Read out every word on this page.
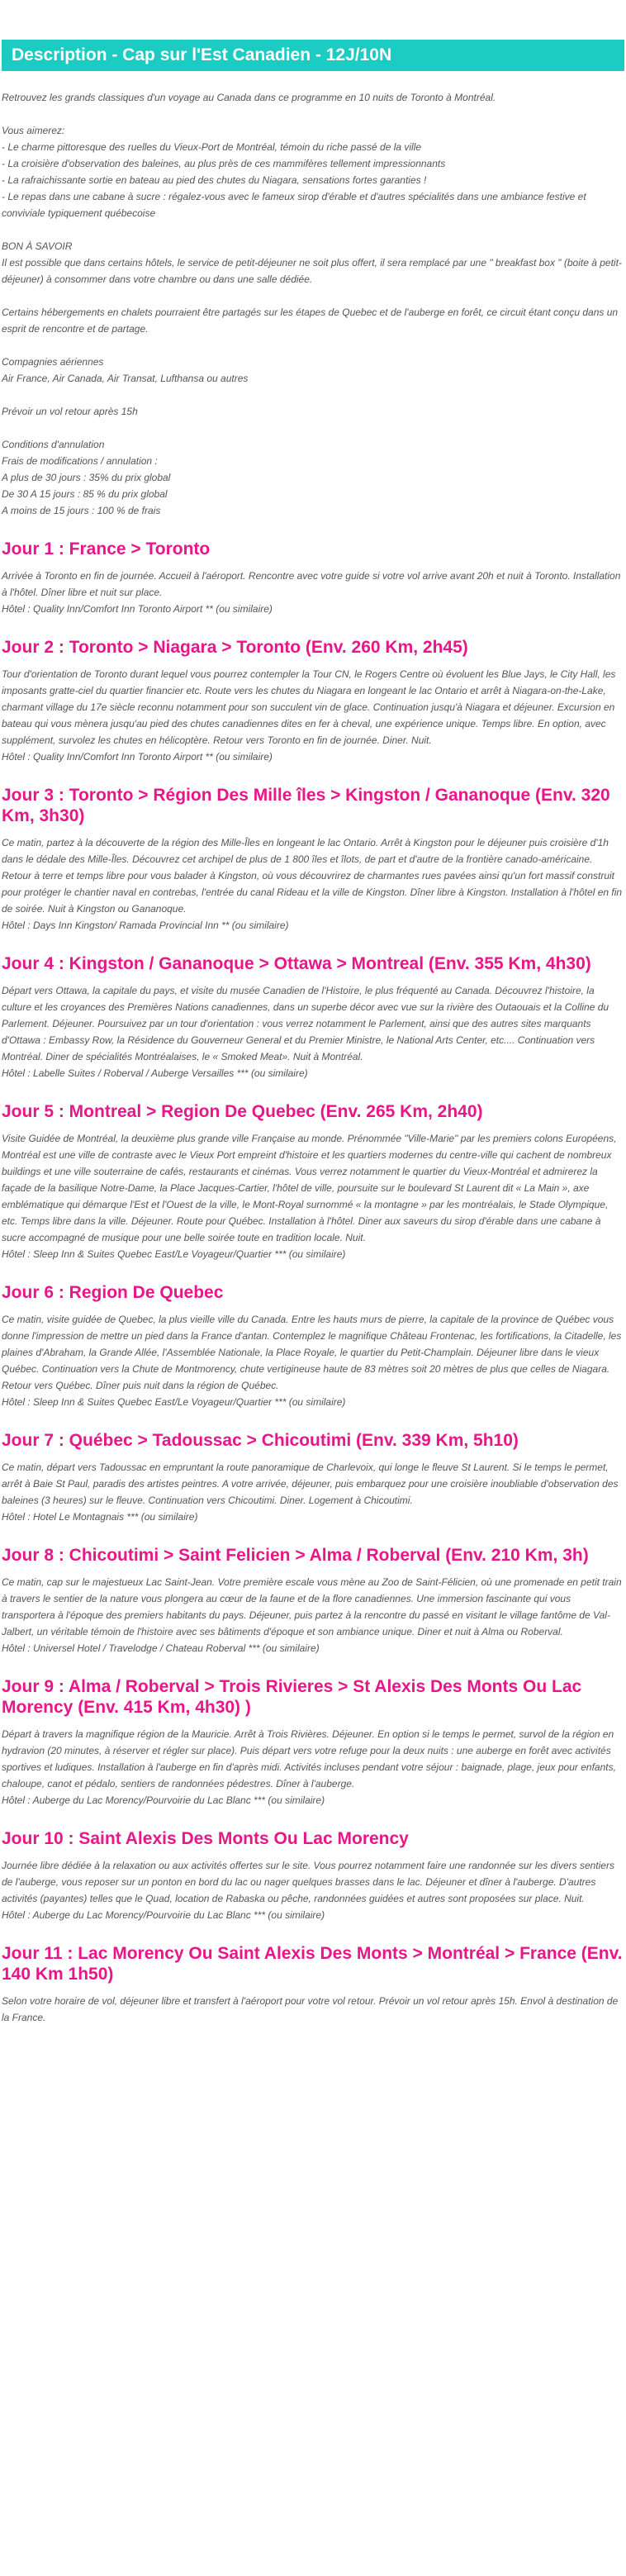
Description - Cap sur l'Est Canadien - 12J/10N

Retrouvez les grands classiques d'un voyage au Canada dans ce programme en 10 nuits de Toronto à Montréal.

Vous aimerez:
- Le charme pittoresque des ruelles du Vieux-Port de Montréal, témoin du riche passé de la ville
- La croisière d'observation des baleines, au plus près de ces mammifères tellement impressionnants
- La rafraichissante sortie en bateau au pied des chutes du Niagara, sensations fortes garanties !
- Le repas dans une cabane à sucre : régalez-vous avec le fameux sirop d'érable et d'autres spécialités dans une ambiance festive et conviviale typiquement québecoise
BON À SAVOIR
Il est possible que dans certains hôtels, le service de petit-déjeuner ne soit plus offert, il sera remplacé par une " breakfast box " (boite à petit-déjeuner) à consommer dans votre chambre ou dans une salle dédiée.

Certains hébergements en chalets pourraient être partagés sur les étapes de Quebec et de l'auberge en forêt, ce circuit étant conçu dans un esprit de rencontre et de partage.

Compagnies aériennes
Air France, Air Canada, Air Transat, Lufthansa ou autres

Prévoir un vol retour après 15h

Conditions d'annulation
Frais de modifications / annulation :
A plus de 30 jours : 35% du prix global
De 30 A 15 jours : 85 % du prix global
A moins de 15 jours : 100 % de frais
Jour 1 : France > Toronto

Arrivée à Toronto en fin de journée. Accueil à l'aéroport. Rencontre avec votre guide si votre vol arrive avant 20h et nuit à Toronto. Installation à l'hôtel. Dîner libre et nuit sur place.

Hôtel : Quality Inn/Comfort Inn Toronto Airport ** (ou similaire)

Jour 2 : Toronto > Niagara > Toronto (Env. 260 Km, 2h45)

Tour d'orientation de Toronto durant lequel vous pourrez contempler la Tour CN, le Rogers Centre où évoluent les Blue Jays, le City Hall, les imposants gratte-ciel du quartier financier etc. Route vers les chutes du Niagara en longeant le lac Ontario et arrêt à Niagara-on-the-Lake, charmant village du 17e siècle reconnu notamment pour son succulent vin de glace. Continuation jusqu'à Niagara et déjeuner. Excursion en bateau qui vous mènera jusqu'au pied des chutes canadiennes dites en fer à cheval, une expérience unique. Temps libre. En option, avec supplément, survolez les chutes en hélicoptère. Retour vers Toronto en fin de journée. Diner. Nuit.

Hôtel : Quality Inn/Comfort Inn Toronto Airport ** (ou similaire)

Jour 3 : Toronto > Région Des Mille îles > Kingston / Gananoque (Env. 320 Km, 3h30)

Ce matin, partez à la découverte de la région des Mille-Îles en longeant le lac Ontario. Arrêt à Kingston pour le déjeuner puis croisière d'1h dans le dédale des Mille-Îles. Découvrez cet archipel de plus de 1 800 îles et îlots, de part et d'autre de la frontière canado-américaine. Retour à terre et temps libre pour vous balader à Kingston, où vous découvrirez de charmantes rues pavées ainsi qu'un fort massif construit pour protéger le chantier naval en contrebas, l'entrée du canal Rideau et la ville de Kingston. Dîner libre à Kingston. Installation à l'hôtel en fin de soirée. Nuit à Kingston ou Gananoque.

Hôtel : Days Inn Kingston/ Ramada Provincial Inn ** (ou similaire)

Jour 4 : Kingston / Gananoque > Ottawa > Montreal (Env. 355 Km, 4h30)

Départ vers Ottawa, la capitale du pays, et visite du musée Canadien de l'Histoire, le plus fréquenté au Canada. Découvrez l'histoire, la culture et les croyances des Premières Nations canadiennes, dans un superbe décor avec vue sur la rivière des Outaouais et la Colline du Parlement. Déjeuner. Poursuivez par un tour d'orientation : vous verrez notamment le Parlement, ainsi que des autres sites marquants d'Ottawa : Embassy Row, la Résidence du Gouverneur General et du Premier Ministre, le National Arts Center, etc.... Continuation vers Montréal. Diner de spécialités Montréalaises, le « Smoked Meat». Nuit à Montréal.

Hôtel : Labelle Suites / Roberval / Auberge Versailles *** (ou similaire)

Jour 5 : Montreal > Region De Quebec (Env. 265 Km, 2h40)

Visite Guidée de Montréal, la deuxième plus grande ville Française au monde. Prénommée "Ville-Marie" par les premiers colons Européens, Montréal est une ville de contraste avec le Vieux Port empreint d'histoire et les quartiers modernes du centre-ville qui cachent de nombreux buildings et une ville souterraine de cafés, restaurants et cinémas. Vous verrez notamment le quartier du Vieux-Montréal et admirerez la façade de la basilique Notre-Dame, la Place Jacques-Cartier, l'hôtel de ville, poursuite sur le boulevard St Laurent dit « La Main », axe emblématique qui démarque l'Est et l'Ouest de la ville, le Mont-Royal surnommé « la montagne » par les montréalais, le Stade Olympique, etc. Temps libre dans la ville. Déjeuner. Route pour Québec. Installation à l'hôtel. Diner aux saveurs du sirop d'érable dans une cabane à sucre accompagné de musique pour une belle soirée toute en tradition locale. Nuit.

Hôtel : Sleep Inn & Suites Quebec East/Le Voyageur/Quartier *** (ou similaire)

Jour 6 : Region De Quebec

Ce matin, visite guidée de Quebec, la plus vieille ville du Canada. Entre les hauts murs de pierre, la capitale de la province de Québec vous donne l'impression de mettre un pied dans la France d'antan. Contemplez le magnifique Château Frontenac, les fortifications, la Citadelle, les plaines d'Abraham, la Grande Allée, l'Assemblée Nationale, la Place Royale, le quartier du Petit-Champlain. Déjeuner libre dans le vieux Québec. Continuation vers la Chute de Montmorency, chute vertigineuse haute de 83 mètres soit 20 mètres de plus que celles de Niagara. Retour vers Québec. Dîner puis nuit dans la région de Québec.

Hôtel : Sleep Inn & Suites Quebec East/Le Voyageur/Quartier *** (ou similaire)

Jour 7 : Québec > Tadoussac > Chicoutimi (Env. 339 Km, 5h10)

Ce matin, départ vers Tadoussac en empruntant la route panoramique de Charlevoix, qui longe le fleuve St Laurent. Si le temps le permet, arrêt à Baie St Paul, paradis des artistes peintres. A votre arrivée, déjeuner, puis embarquez pour une croisière inoubliable d'observation des baleines (3 heures) sur le fleuve. Continuation vers Chicoutimi. Diner. Logement à Chicoutimi.

Hôtel : Hotel Le Montagnais *** (ou similaire)

Jour 8 : Chicoutimi > Saint Felicien > Alma / Roberval (Env. 210 Km, 3h)

Ce matin, cap sur le majestueux Lac Saint-Jean. Votre première escale vous mène au Zoo de Saint-Félicien, où une promenade en petit train à travers le sentier de la nature vous plongera au cœur de la faune et de la flore canadiennes. Une immersion fascinante qui vous transportera à l'époque des premiers habitants du pays. Déjeuner, puis partez à la rencontre du passé en visitant le village fantôme de Val-Jalbert, un véritable témoin de l'histoire avec ses bâtiments d'époque et son ambiance unique. Diner et nuit à Alma ou Roberval.

Hôtel : Universel Hotel / Travelodge / Chateau Roberval *** (ou similaire)

Jour 9 : Alma / Roberval > Trois Rivieres > St Alexis Des Monts Ou Lac Morency (Env. 415 Km, 4h30) )

Départ à travers la magnifique région de la Mauricie. Arrêt à Trois Rivières. Déjeuner. En option si le temps le permet, survol de la région en hydravion (20 minutes, à réserver et régler sur place). Puis départ vers votre refuge pour la deux nuits : une auberge en forêt avec activités sportives et ludiques. Installation à l'auberge en fin d'après midi. Activités incluses pendant votre séjour : baignade, plage, jeux pour enfants, chaloupe, canot et pédalo, sentiers de randonnées pédestres. Dîner à l'auberge.

Hôtel : Auberge du Lac Morency/Pourvoirie du Lac Blanc *** (ou similaire)

Jour 10 : Saint Alexis Des Monts Ou Lac Morency

Journée libre dédiée à la relaxation ou aux activités offertes sur le site. Vous pourrez notamment faire une randonnée sur les divers sentiers de l'auberge, vous reposer sur un ponton en bord du lac ou nager quelques brasses dans le lac. Déjeuner et dîner à l'auberge. D'autres activités (payantes) telles que le Quad, location de Rabaska ou pêche, randonnées guidées et autres sont proposées sur place. Nuit.

Hôtel : Auberge du Lac Morency/Pourvoirie du Lac Blanc *** (ou similaire)

Jour 11 : Lac Morency Ou Saint Alexis Des Monts > Montréal > France (Env. 140 Km 1h50)

Selon votre horaire de vol, déjeuner libre et transfert à l'aéroport pour votre vol retour. Prévoir un vol retour après 15h. Envol à destination de la France.
